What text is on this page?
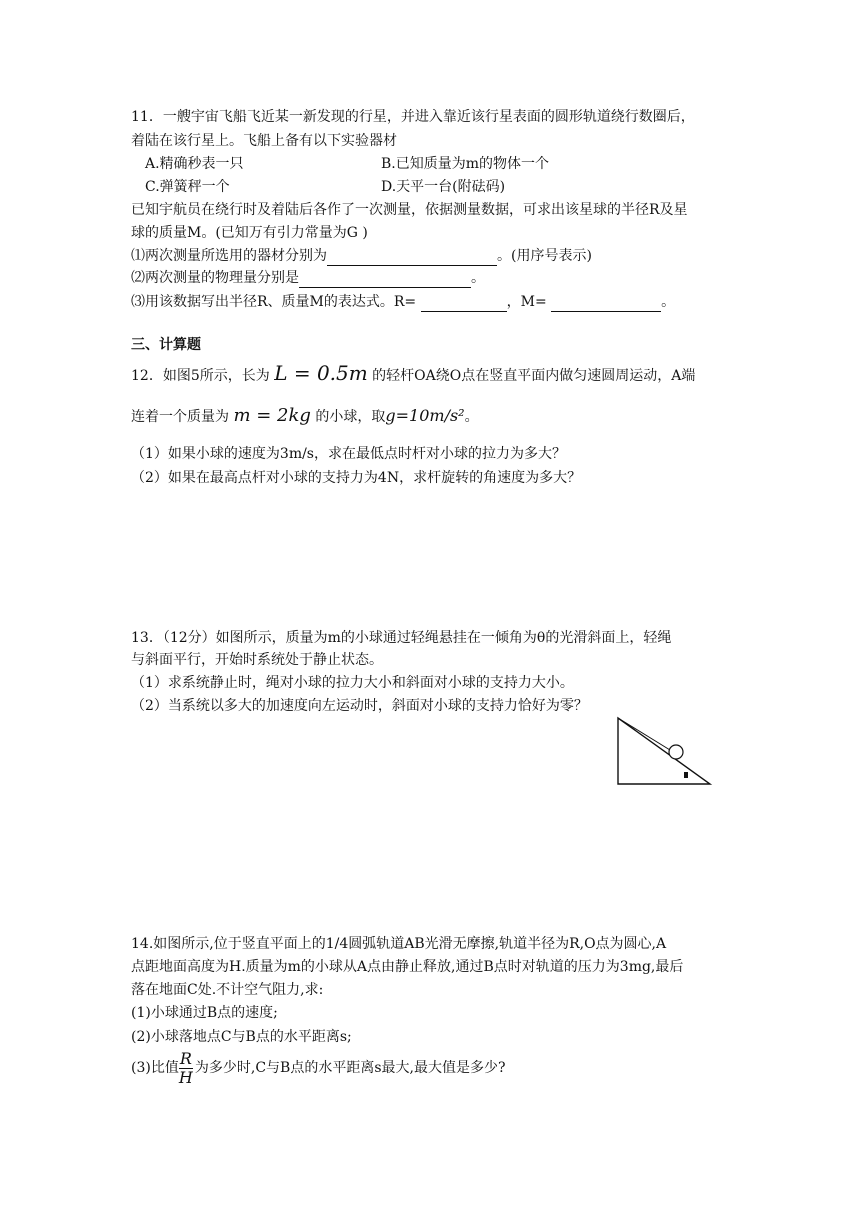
11．一艘宇宙飞船飞近某一新发现的行星，并进入靠近该行星表面的圆形轨道绕行数圈后，
着陆在该行星上。飞船上备有以下实验器材
A.精确秒表一只	B.已知质量为m的物体一个
C.弹簧秤一个	D.天平一台(附砝码)
已知宇航员在绕行时及着陆后各作了一次测量，依据测量数据，可求出该星球的半径R及星
球的质量M。(已知万有引力常量为G )
⑴两次测量所选用的器材分别为	。(用序号表示)
⑵两次测量的物理量分别是	。
⑶用该数据写出半径R、质量M的表达式。R=	，M=	。
三、计算题
12．如图5所示，长为 L = 0.5m 的轻杆OA绕O点在竖直平面内做匀速圆周运动，A端
连着一个质量为 m = 2kg 的小球，取g=10m/s²。
（1）如果小球的速度为3m/s，求在最低点时杆对小球的拉力为多大？
（2）如果在最高点杆对小球的支持力为4N，求杆旋转的角速度为多大？
13．（12分）如图所示，质量为m的小球通过轻绳悬挂在一倾角为θ的光滑斜面上，轻绳
与斜面平行，开始时系统处于静止状态。
（1）求系统静止时，绳对小球的拉力大小和斜面对小球的支持力大小。
（2）当系统以多大的加速度向左运动时，斜面对小球的支持力恰好为零？
14.如图所示,位于竖直平面上的1/4圆弧轨道AB光滑无摩擦,轨道半径为R,O点为圆心,A
点距地面高度为H.质量为m的小球从A点由静止释放,通过B点时对轨道的压力为3mg,最后
落在地面C处.不计空气阻力,求:
(1)小球通过B点的速度;
(2)小球落地点C与B点的水平距离s;
(3)比值 $\frac{R}{H}$ 为多少时,C与B点的水平距离s最大,最大值是多少?
